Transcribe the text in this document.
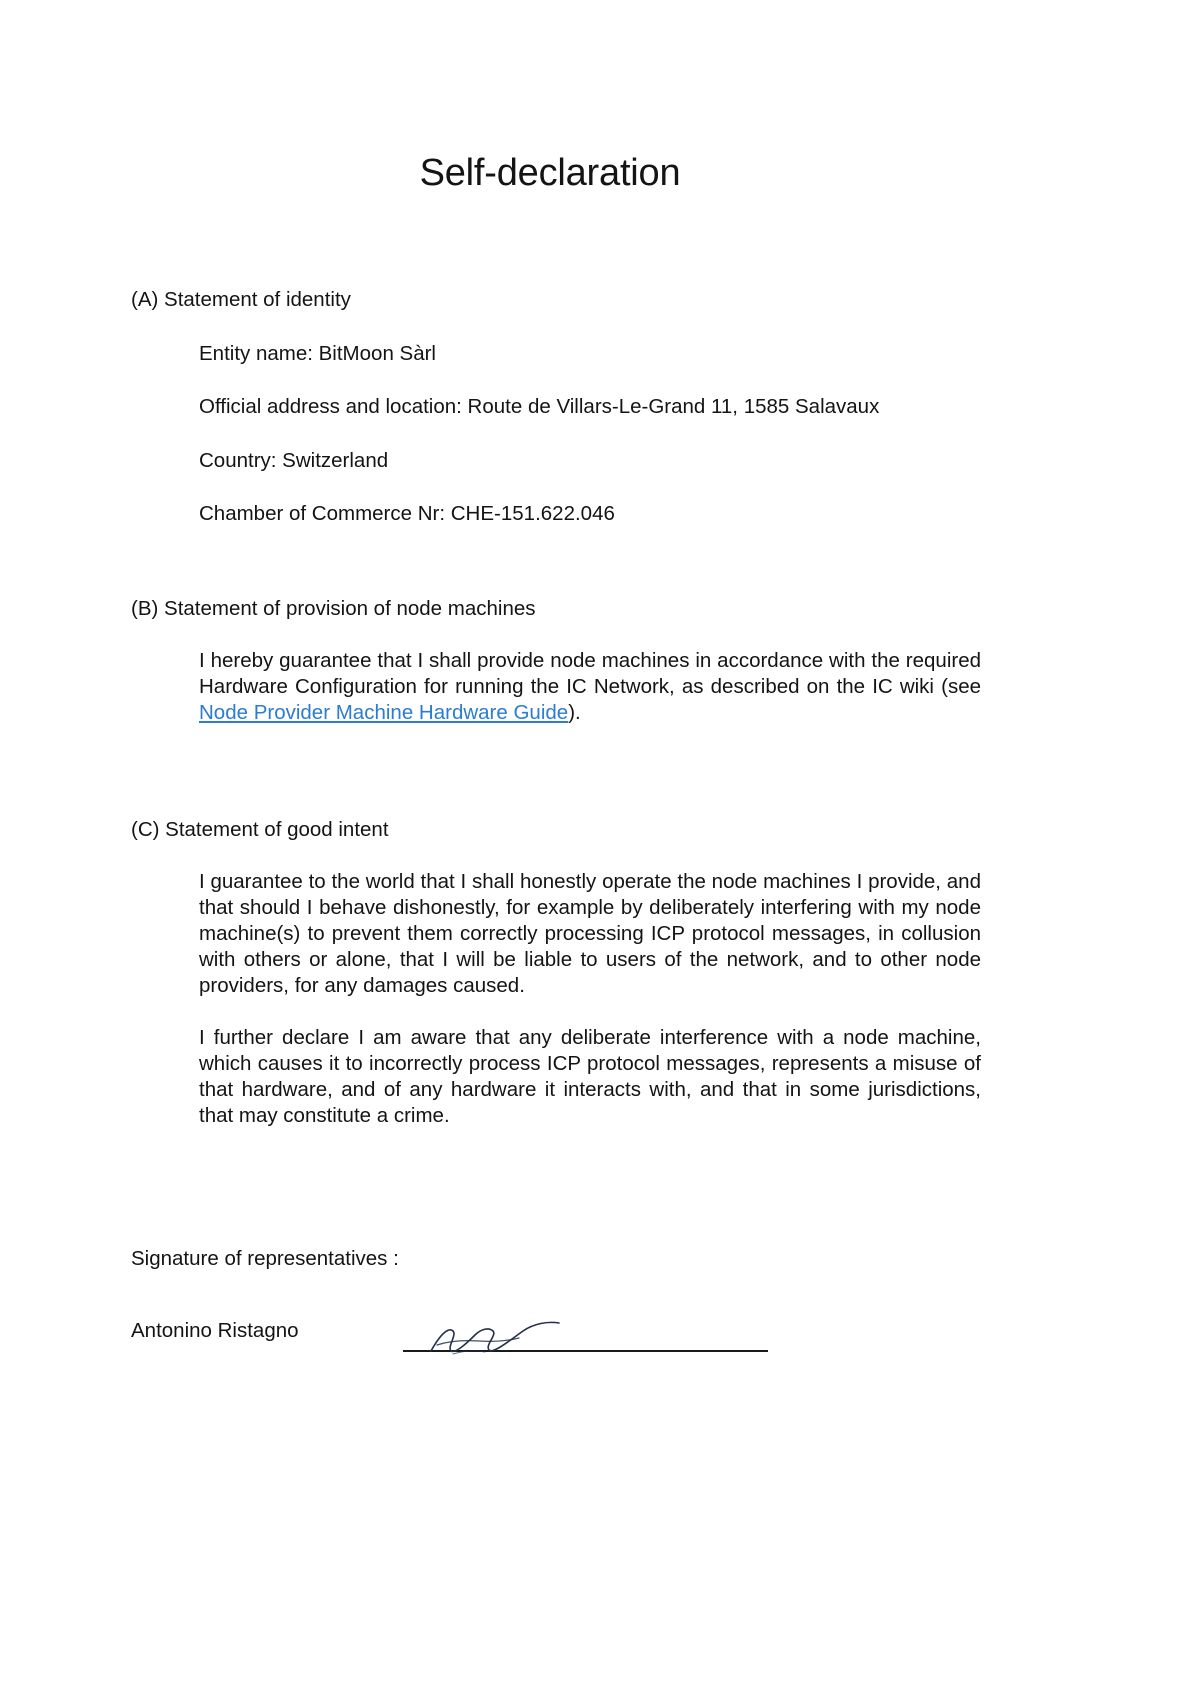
Self-declaration
(A) Statement of identity
Entity name: BitMoon Sàrl
Official address and location: Route de Villars-Le-Grand 11, 1585 Salavaux
Country: Switzerland
Chamber of Commerce Nr: CHE-151.622.046
(B) Statement of provision of node machines

I hereby guarantee that I shall provide node machines in accordance with the required Hardware Configuration for running the IC Network, as described on the IC wiki (see Node Provider Machine Hardware Guide).

(C) Statement of good intent

I guarantee to the world that I shall honestly operate the node machines I provide, and that should I behave dishonestly, for example by deliberately interfering with my node machine(s) to prevent them correctly processing ICP protocol messages, in collusion with others or alone, that I will be liable to users of the network, and to other node providers, for any damages caused.

I further declare I am aware that any deliberate interference with a node machine, which causes it to incorrectly process ICP protocol messages, represents a misuse of that hardware, and of any hardware it interacts with, and that in some jurisdictions, that may constitute a crime.

Signature of representatives :
Antonino Ristagno
